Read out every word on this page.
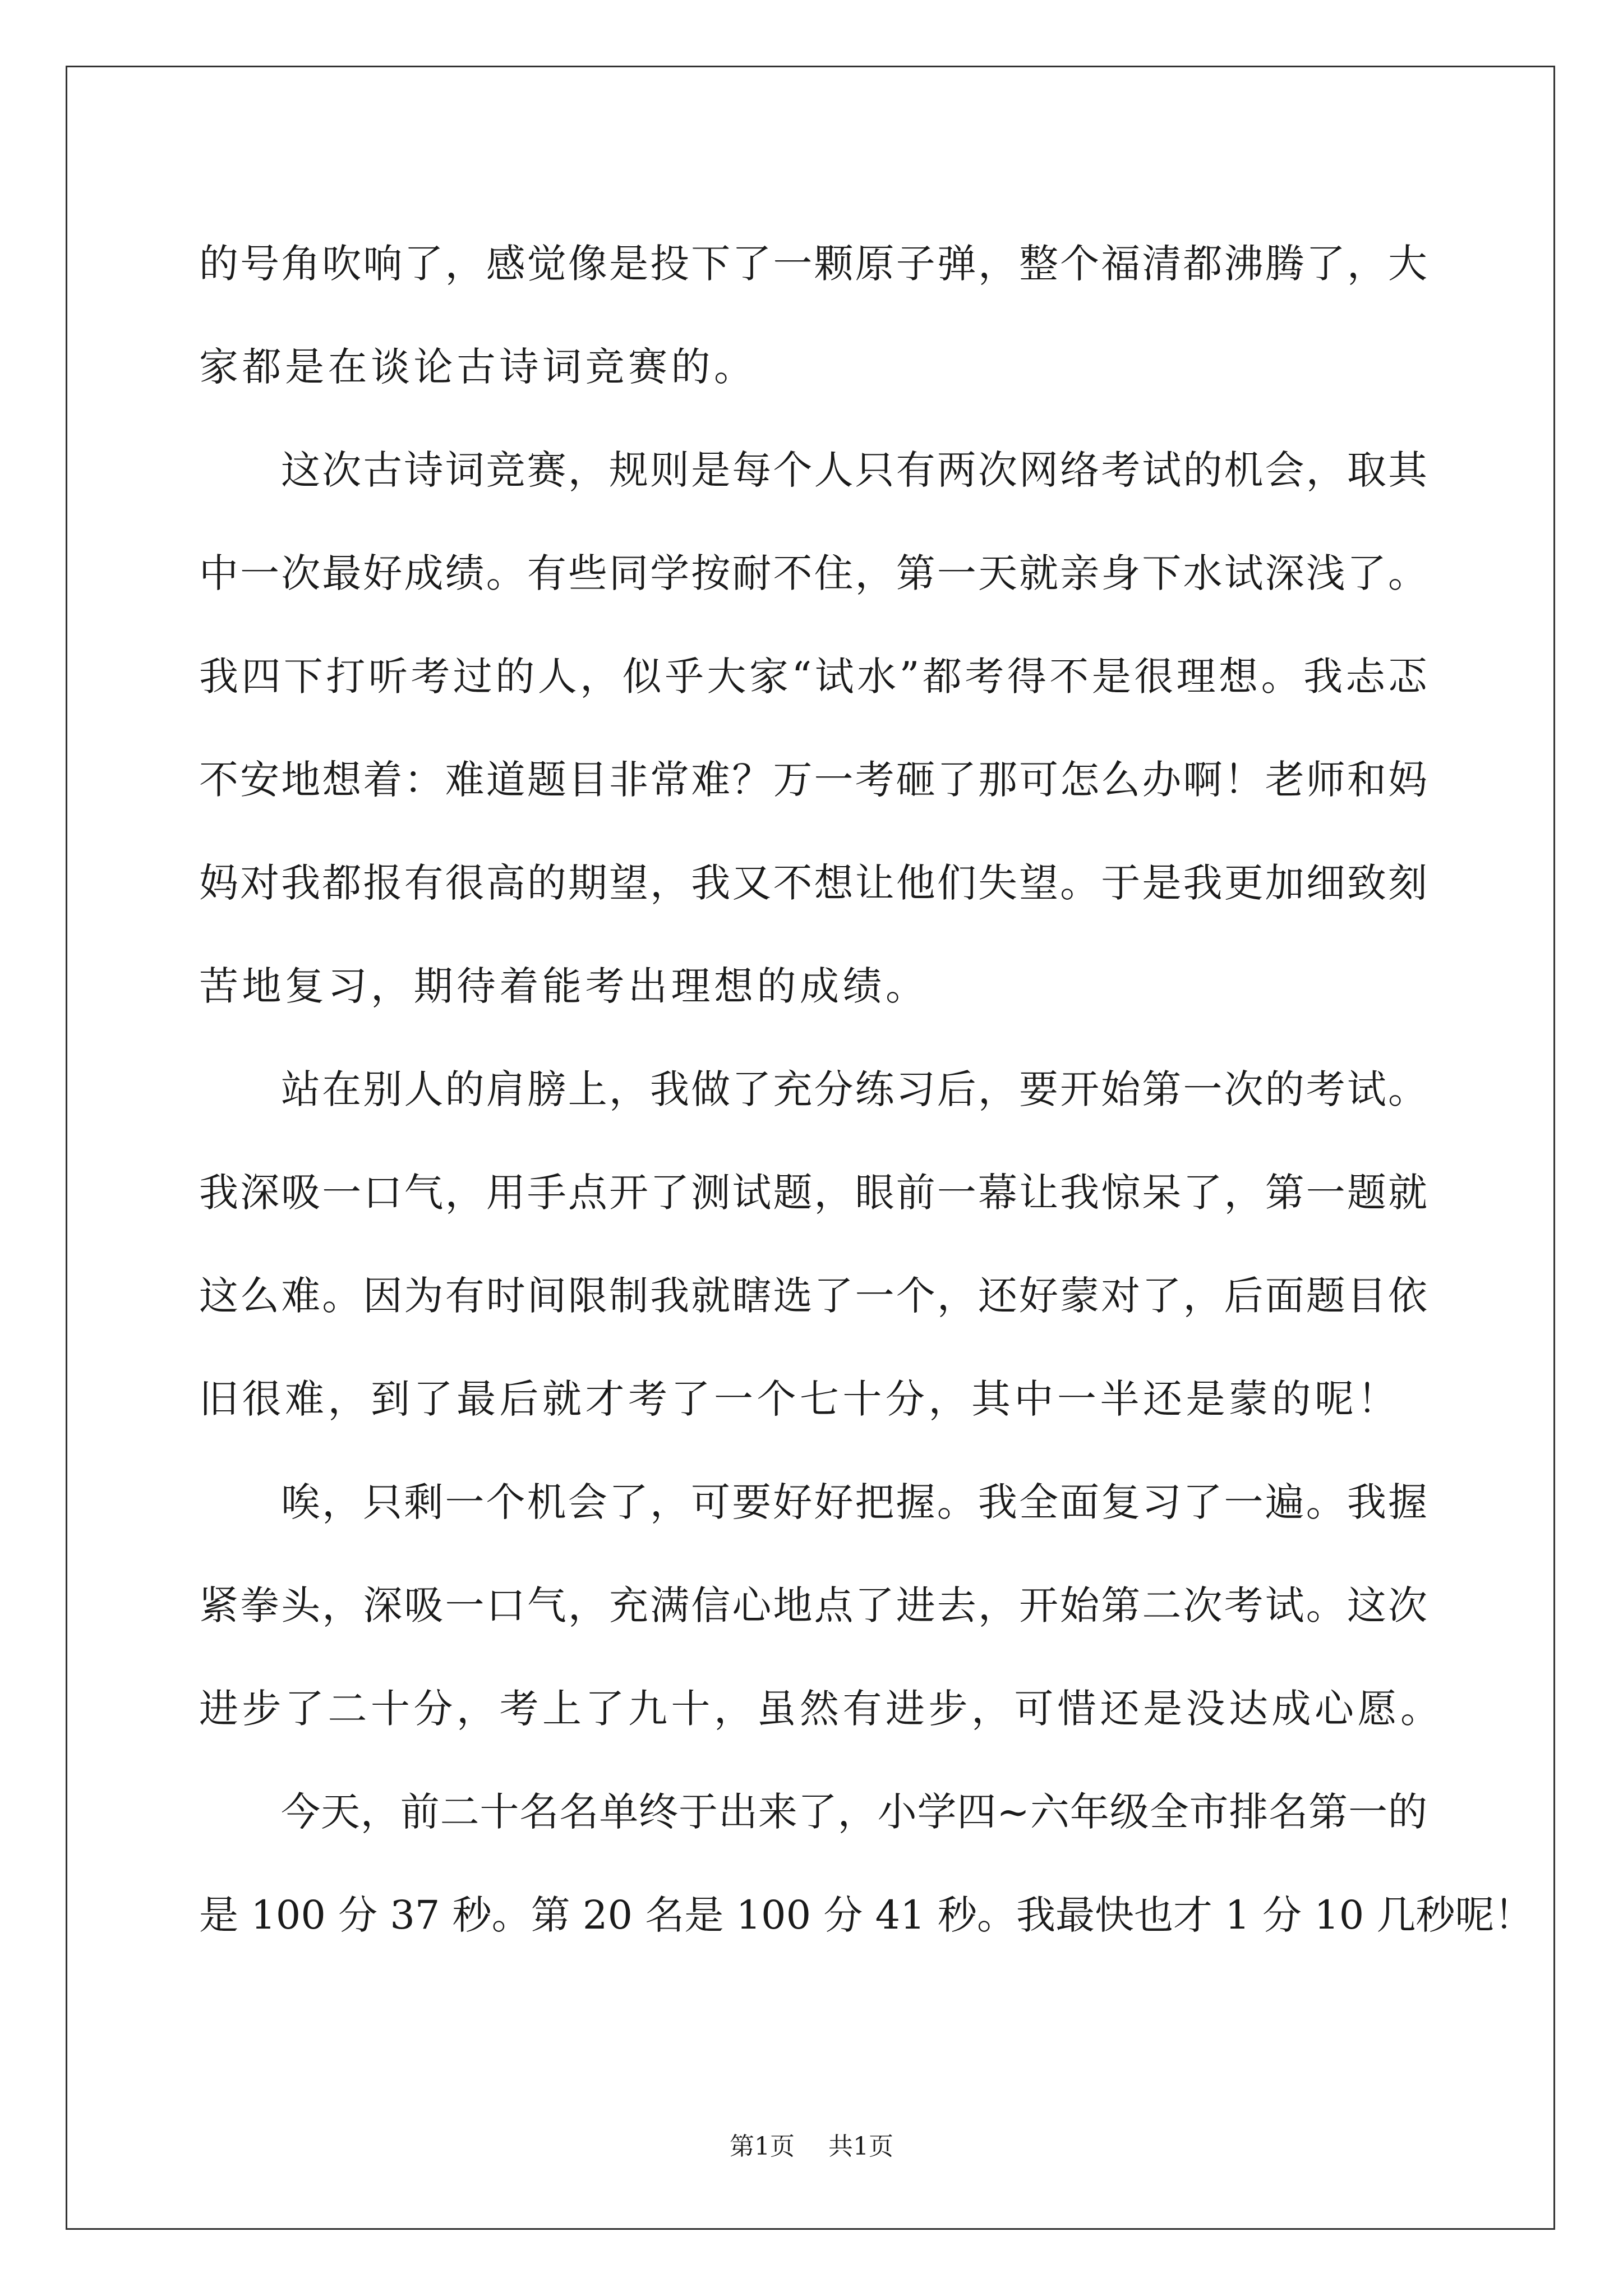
的号角吹响了，感觉像是投下了一颗原子弹，整个福清都沸腾了，大
家都是在谈论古诗词竞赛的。
这次古诗词竞赛，规则是每个人只有两次网络考试的机会，取其
中一次最好成绩。有些同学按耐不住，第一天就亲身下水试深浅了。
我四下打听考过的人，似乎大家“试水”都考得不是很理想。我忐忑
不安地想着：难道题目非常难？万一考砸了那可怎么办啊！老师和妈
妈对我都报有很高的期望，我又不想让他们失望。于是我更加细致刻
苦地复习，期待着能考出理想的成绩。
站在别人的肩膀上，我做了充分练习后，要开始第一次的考试。
我深吸一口气，用手点开了测试题，眼前一幕让我惊呆了，第一题就
这么难。因为有时间限制我就瞎选了一个，还好蒙对了，后面题目依
旧很难，到了最后就才考了一个七十分，其中一半还是蒙的呢！
唉，只剩一个机会了，可要好好把握。我全面复习了一遍。我握
紧拳头，深吸一口气，充满信心地点了进去，开始第二次考试。这次
进步了二十分，考上了九十，虽然有进步，可惜还是没达成心愿。
今天，前二十名名单终于出来了，小学四~六年级全市排名第一的
是 100 分 37 秒。第 20 名是 100 分 41 秒。我最快也才 1 分 10 几秒呢！
第1页 共1页
